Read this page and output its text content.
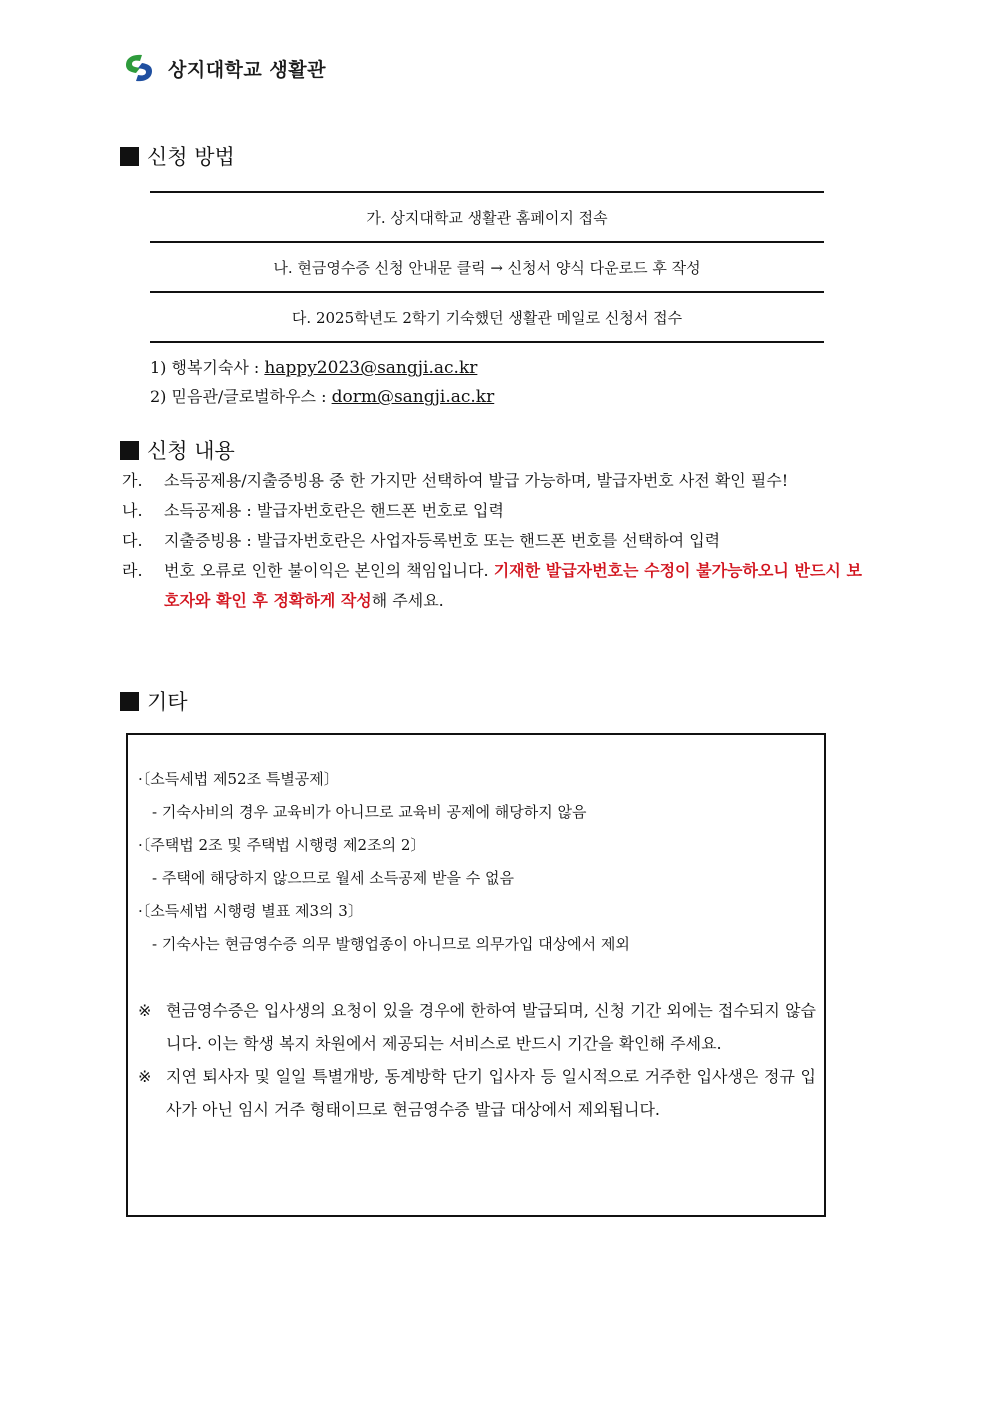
상지대학교 생활관
신청 방법
가. 상지대학교 생활관 홈페이지 접속
나. 현금영수증 신청 안내문 클릭 → 신청서 양식 다운로드 후 작성
다. 2025학년도 2학기 기숙했던 생활관 메일로 신청서 접수
1) 행복기숙사 : happy2023@sangji.ac.kr
2) 믿음관/글로벌하우스 : dorm@sangji.ac.kr
신청 내용
가.	소득공제용/지출증빙용 중 한 가지만 선택하여 발급 가능하며, 발급자번호 사전 확인 필수!
나.	소득공제용 : 발급자번호란은 핸드폰 번호로 입력
다.	지출증빙용 : 발급자번호란은 사업자등록번호 또는 핸드폰 번호를 선택하여 입력
라.	번호 오류로 인한 불이익은 본인의 책임입니다. 기재한 발급자번호는 수정이 불가능하오니 반드시 보호자와 확인 후 정확하게 작성해 주세요.
기타
·〔소득세법 제52조 특별공제〕
- 기숙사비의 경우 교육비가 아니므로 교육비 공제에 해당하지 않음
·〔주택법 2조 및 주택법 시행령 제2조의 2〕
- 주택에 해당하지 않으므로 월세 소득공제 받을 수 없음
·〔소득세법 시행령 별표 제3의 3〕
- 기숙사는 현금영수증 의무 발행업종이 아니므로 의무가입 대상에서 제외
※ 현금영수증은 입사생의 요청이 있을 경우에 한하여 발급되며, 신청 기간 외에는 접수되지 않습니다. 이는 학생 복지 차원에서 제공되는 서비스로 반드시 기간을 확인해 주세요.
※ 지연 퇴사자 및 일일 특별개방, 동계방학 단기 입사자 등 일시적으로 거주한 입사생은 정규 입사가 아닌 임시 거주 형태이므로 현금영수증 발급 대상에서 제외됩니다.
